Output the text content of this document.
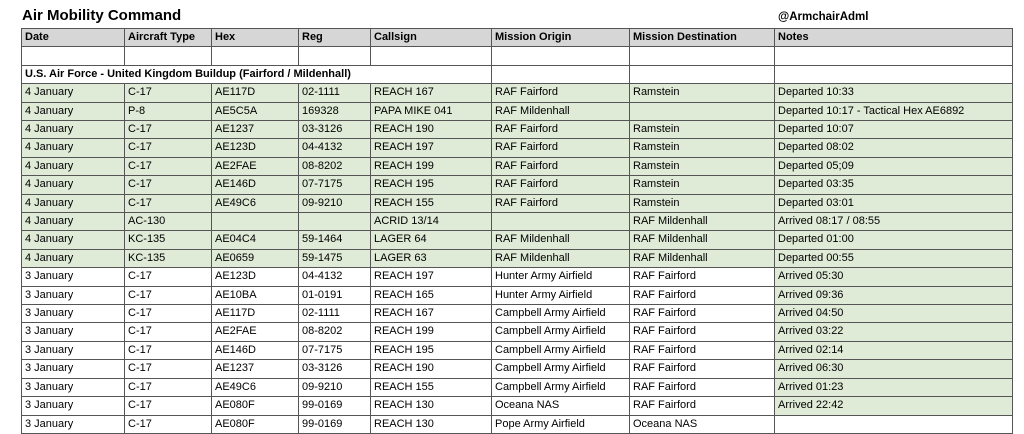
Air Mobility Command	@ArmchairAdml
Date	Aircraft Type	Hex	Reg	Callsign	Mission Origin	Mission Destination	Notes

U.S. Air Force - United Kingdom Buildup (Fairford / Mildenhall)							
4 January	C-17	AE117D	02-1111	REACH 167	RAF Fairford	Ramstein	Departed 10:33
4 January	P-8	AE5C5A	169328	PAPA MIKE 041	RAF Mildenhall		Departed 10:17 - Tactical Hex AE6892
4 January	C-17	AE1237	03-3126	REACH 190	RAF Fairford	Ramstein	Departed 10:07
4 January	C-17	AE123D	04-4132	REACH 197	RAF Fairford	Ramstein	Departed 08:02
4 January	C-17	AE2FAE	08-8202	REACH 199	RAF Fairford	Ramstein	Departed 05;09
4 January	C-17	AE146D	07-7175	REACH 195	RAF Fairford	Ramstein	Departed 03:35
4 January	C-17	AE49C6	09-9210	REACH 155	RAF Fairford	Ramstein	Departed 03:01
4 January	AC-130			ACRID 13/14		RAF Mildenhall	Arrived 08:17 / 08:55
4 January	KC-135	AE04C4	59-1464	LAGER 64	RAF Mildenhall	RAF Mildenhall	Departed 01:00
4 January	KC-135	AE0659	59-1475	LAGER 63	RAF Mildenhall	RAF Mildenhall	Departed 00:55
3 January	C-17	AE123D	04-4132	REACH 197	Hunter Army Airfield	RAF Fairford	Arrived 05:30
3 January	C-17	AE10BA	01-0191	REACH 165	Hunter Army Airfield	RAF Fairford	Arrived 09:36
3 January	C-17	AE117D	02-1111	REACH 167	Campbell Army Airfield	RAF Fairford	Arrived 04:50
3 January	C-17	AE2FAE	08-8202	REACH 199	Campbell Army Airfield	RAF Fairford	Arrived 03:22
3 January	C-17	AE146D	07-7175	REACH 195	Campbell Army Airfield	RAF Fairford	Arrived 02:14
3 January	C-17	AE1237	03-3126	REACH 190	Campbell Army Airfield	RAF Fairford	Arrived 06:30
3 January	C-17	AE49C6	09-9210	REACH 155	Campbell Army Airfield	RAF Fairford	Arrived 01:23
3 January	C-17	AE080F	99-0169	REACH 130	Oceana NAS	RAF Fairford	Arrived 22:42
3 January	C-17	AE080F	99-0169	REACH 130	Pope Army Airfield	Oceana NAS	
